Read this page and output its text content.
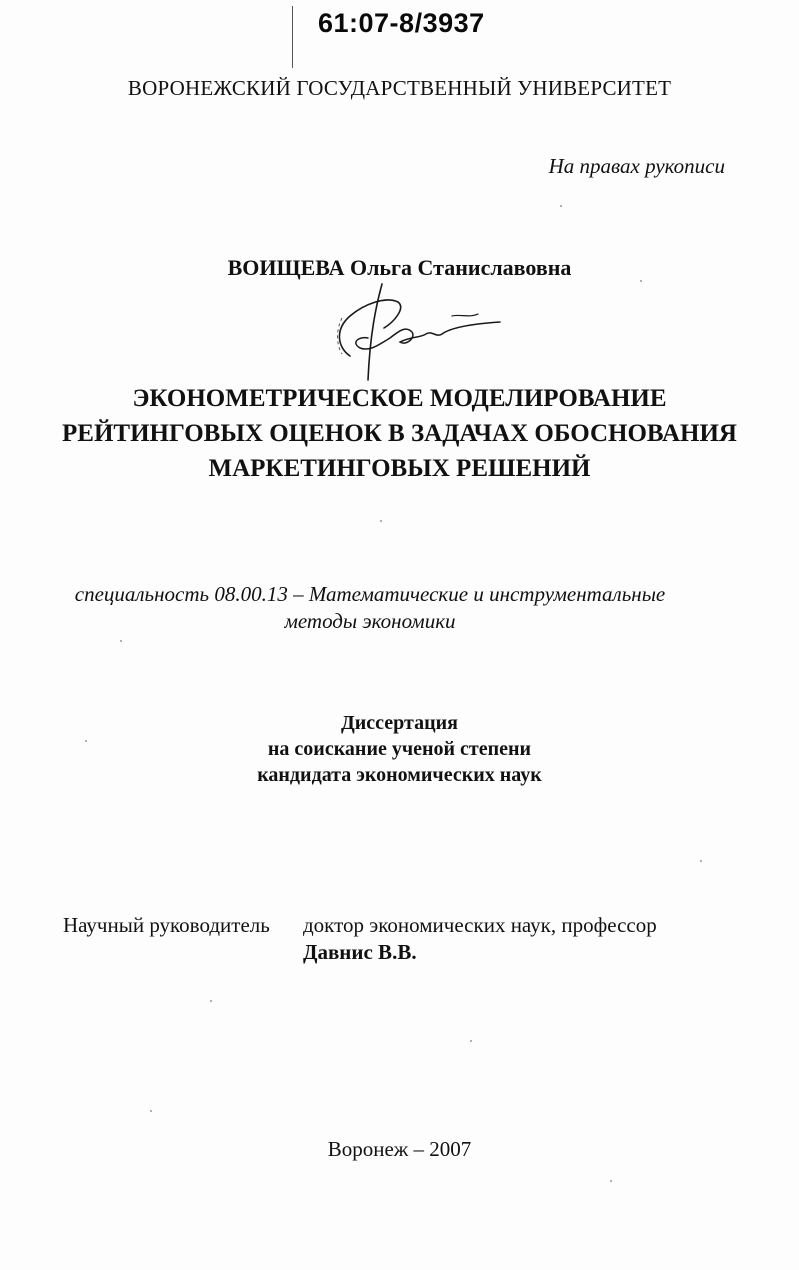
61:07-8/3937
ВОРОНЕЖСКИЙ ГОСУДАРСТВЕННЫЙ УНИВЕРСИТЕТ
На правах рукописи
ВОИЩЕВА Ольга Станиславовна
ЭКОНОМЕТРИЧЕСКОЕ МОДЕЛИРОВАНИЕ
РЕЙТИНГОВЫХ ОЦЕНОК В ЗАДАЧАХ ОБОСНОВАНИЯ
МАРКЕТИНГОВЫХ РЕШЕНИЙ
специальность 08.00.13 – Математические и инструментальные
методы экономики
Диссертация
на соискание ученой степени
кандидата экономических наук
Научный руководитель доктор экономических наук, профессор
Давнис В.В.
Воронеж – 2007
